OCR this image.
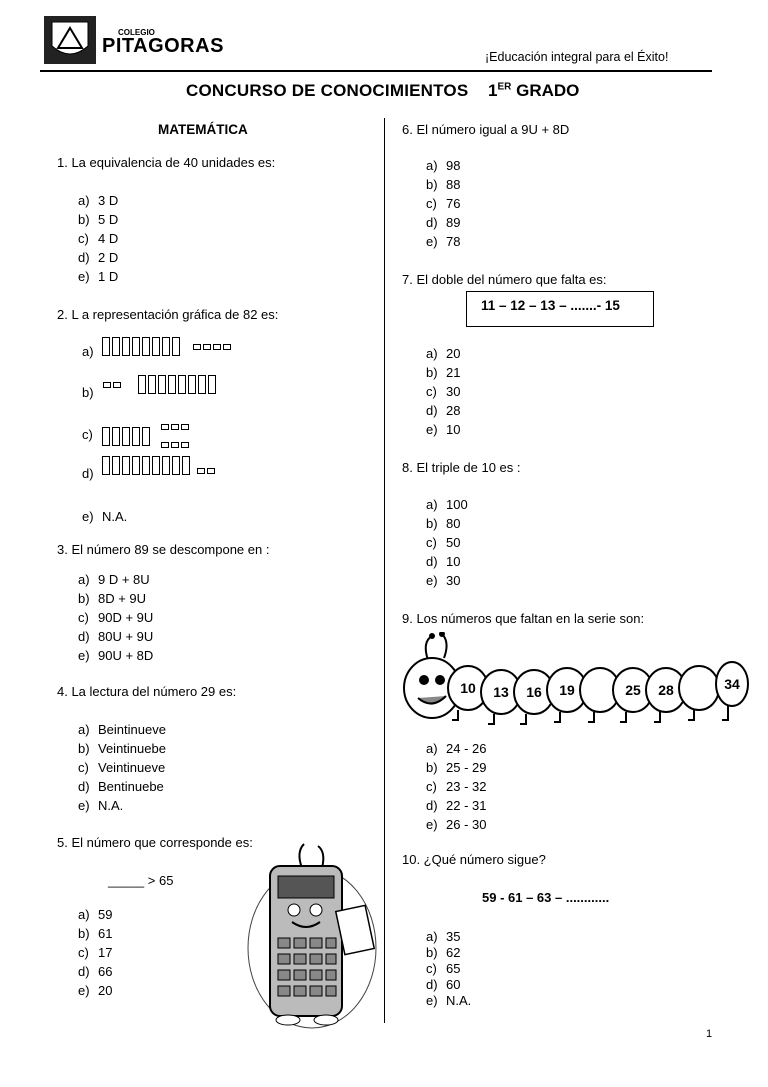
COLEGIO
PITAGORAS	¡Educación integral para el Éxito!
CONCURSO DE CONOCIMIENTOS 1ER GRADO
MATEMÁTICA
1. La equivalencia de 40 unidades es:
a) 3 D
b) 5 D
c) 4 D
d) 2 D
e) 1 D
2. L a representación gráfica de 82 es:
a)

b)

c)

d)

e) N.A.
3. El número 89 se descompone en :
a) 9 D + 8U
b) 8D + 9U
c) 90D + 9U
d) 80U + 9U
e) 90U + 8D
4. La lectura del número 29 es:
a) Beintinueve
b) Veintinuebe
c) Veintinueve
d) Bentinuebe
e) N.A.
5. El número que corresponde es:
_____ > 65
a) 59
b) 61
c) 17
d) 66
e) 20
6. El número igual a 9U + 8D
a) 98
b) 88
c) 76
d) 89
e) 78
7. El doble del número que falta es:
11 – 12 – 13 – .......- 15
a) 20
b) 21
c) 30
d) 28
e) 10
8. El triple de 10 es :
a) 100
b) 80
c) 50
d) 10
e) 30
9. Los números que faltan en la serie son:
10 13 16 19	25 28	34
a) 24 - 26
b) 25 - 29
c) 23 - 32
d) 22 - 31
e) 26 - 30
10. ¿Qué número sigue?
59 - 61 – 63 – ............
a) 35
b) 62
c) 65
d) 60
e) N.A.
1
